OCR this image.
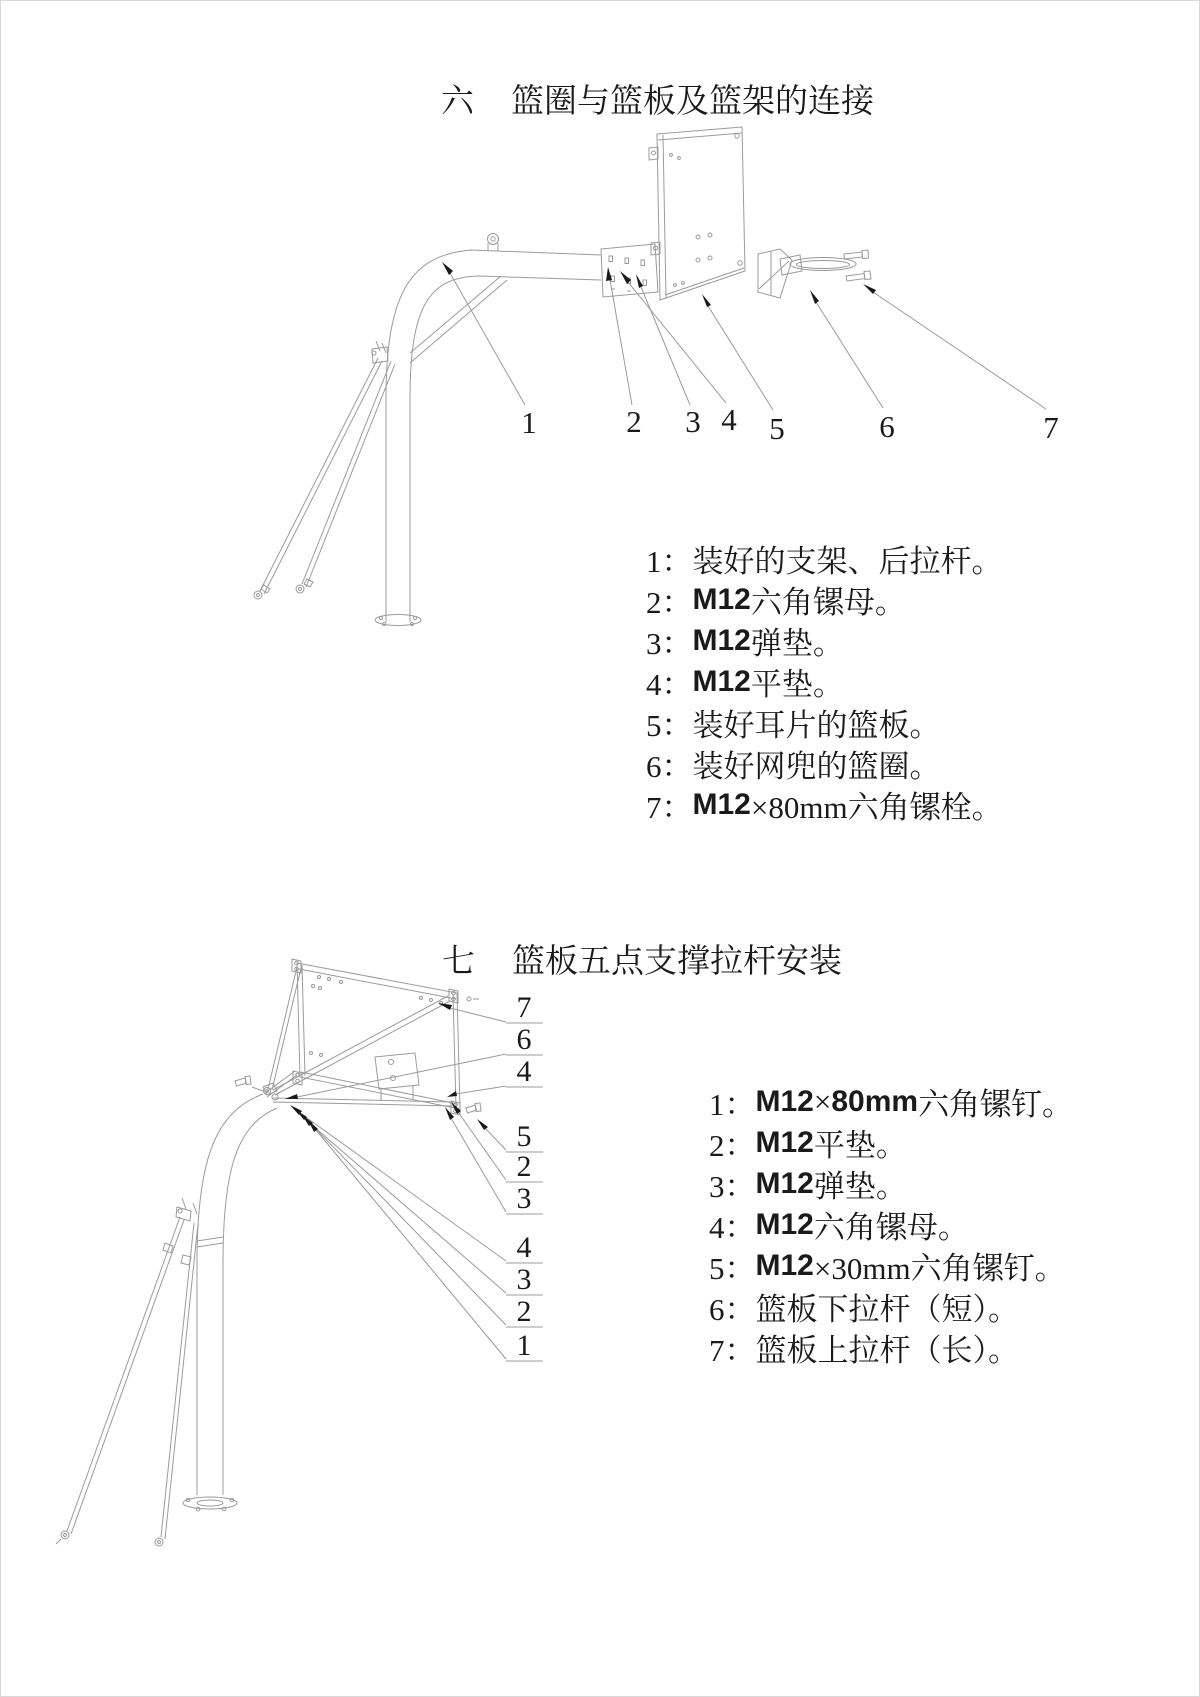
六 篮圈与篮板及篮架的连接
七 篮板五点支撑拉杆安装
1： 装好的支架、后拉杆。
2： M12 六角镙母。
3： M12 弹垫。
4： M12 平垫。
5： 装好耳片的篮板。
6： 装好网兜的篮圈。
7： M12 ×80mm六角镙栓。
1： M12 × 80mm 六角镙钉。
2： M12 平垫。
3： M12 弹垫。
4： M12 六角镙母。
5： M12 ×30mm六角镙钉。
6： 篮板下拉杆（短）。
7： 篮板上拉杆（长）。
1	2 3 4 5	6	7
7
6
4
5
2
3
4
3
2
1
